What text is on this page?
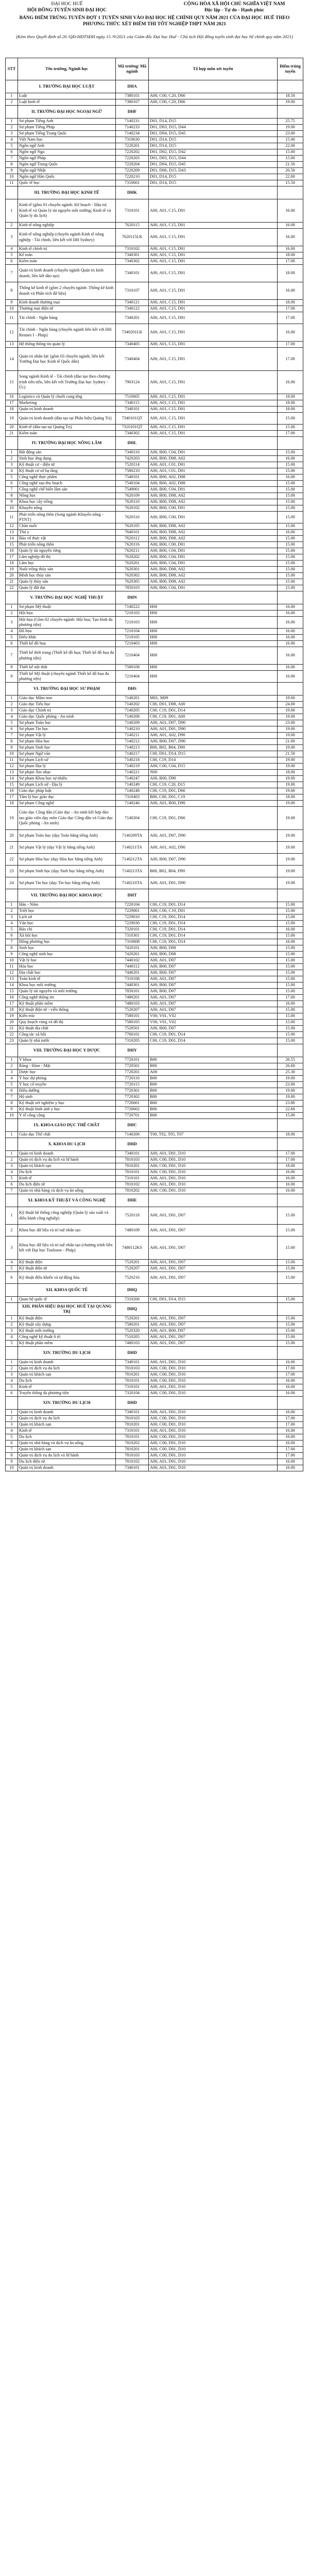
ĐẠI HỌC HUẾ
HỘI ĐỒNG TUYỂN SINH ĐẠI HỌC
CỘNG HÒA XÃ HỘI CHỦ NGHĨA VIỆT NAM
Độc lập - Tự do - Hạnh phúc
BẢNG ĐIỂM TRÚNG TUYỂN ĐỢT 1 TUYỂN SINH VÀO ĐẠI HỌC HỆ CHÍNH QUY NĂM 2021 CỦA ĐẠI HỌC HUẾ THEO PHƯƠNG THỨC XÉT ĐIỂM THI TỐT NGHIỆP THPT NĂM 2021
(Kèm theo Quyết định số 26 /QĐ-HĐTSĐH ngày 15 /9/2021 của Giám đốc Đại học Huế - Chủ tịch Hội đồng tuyển sinh đại học hệ chính quy năm 2021)
STT	Tên trường, Ngành học	Mã trường/ Mã ngành	Tổ hợp môn xét tuyển	Điểm trúng tuyển
	I. TRƯỜNG ĐẠI HỌC LUẬT	DHA		
1	Luật	7380101	A00, C00, C20, D66	18.50
2	Luật kinh tế	7380107	A00, C00, C20, D66	19.00
	II. TRƯỜNG ĐẠI HỌC NGOẠI NGỮ	DHF		
1	Sư phạm Tiếng Anh	7140231	D01, D14, D15	25.75
2	Sư phạm Tiếng Pháp	7140233	D01, D03, D15, D44	19.00
3	Sư phạm Tiếng Trung Quốc	7140234	D01, D04, D15, D45	23.00
4	Việt Nam học	7310630	D01, D14, D15	15.00
5	Ngôn ngữ Anh	7220201	D01, D14, D15	22.00
6	Ngôn ngữ Nga	7220202	D01, D02, D15, D42	15.00
7	Ngôn ngữ Pháp	7220203	D01, D03, D15, D44	15.00
8	Ngôn ngữ Trung Quốc	7220204	D01, D04, D15, D45	21.50
9	Ngôn ngữ Nhật	7220209	D01, D06, D15, D43	20.50
10	Ngôn ngữ Hàn Quốc	7220210	D01, D14, D15	22.00
11	Quốc tế học	7310601	D01, D14, D15	15.50
	III. TRƯỜNG ĐẠI HỌC KINH TẾ	DHK		
1	Kinh tế (gồm 03 chuyên ngành: Kế hoạch - Đầu tư; Kinh tế và Quản lý tài nguyên môi trường; Kinh tế và Quản lý du lịch)	7310101	A00, A01, C15, D01	16.00
2	Kinh tế nông nghiệp	7620115	A00, A01, C15, D01	16.00
3	Kinh tế nông nghiệp (chuyên ngành Kinh tế nông nghiệp - Tài chính, liên kết với ĐH Sydney)	7620115LK	A00, A01, C15, D01	16.00
4	Kinh tế chính trị	7310102	A00, A01, C15, D01	16.00
5	Kế toán	7340301	A00, A01, C15, D01	18.00
6	Kiểm toán	7340302	A00, A01, C15, D01	17.00
7	Quản trị kinh doanh (chuyên ngành Quản trị kinh doanh, liên kết đào tạo)	7340101	A00, A01, C15, D01	18.00
8	Thống kê kinh tế (gồm 2 chuyên ngành: Thống kê kinh doanh và Phân tích dữ liệu)	7310107	A00, A01, C15, D01	16.00
9	Kinh doanh thương mại	7340121	A00, A01, C15, D01	18.00
10	Thương mại điện tử	7340122	A00, A01, C15, D01	17.00
11	Tài chính - Ngân hàng	7340201	A00, A01, C15, D01	17.00
12	Tài chính - Ngân hàng (chuyên ngành liên kết với ĐH Rennes I - Pháp)	7340201LK	A00, A01, C15, D01	16.00
13	Hệ thống thông tin quản lý	7340405	A00, A01, C15, D01	17.00
14	Quản trị nhân lực (gồm 03 chuyên ngành; liên kết Trường Đại học Kinh tế Quốc dân)	7340404	A00, A01, C15, D01	17.00
15	Song ngành Kinh tế - Tài chính (đào tạo theo chương trình tiên tiến, liên kết với Trường Đại học Sydney - Úc)	7903124	A00, A01, C15, D01	16.00
16	Logistics và Quản lý chuỗi cung ứng	7510605	A00, A01, C15, D01	18.00
17	Marketing	7340115	A00, A01, C15, D01	18.00
18	Quản trị kinh doanh	7340101	A00, A01, C15, D01	18.00
19	Quản trị kinh doanh (đào tạo tại Phân hiệu Quảng Trị)	7340101QT	A00, A01, C15, D01	15.00
20	Kinh tế (đào tạo tại Quảng Trị)	7310101QT	A00, A01, C15, D01	15.00
21	Kiểm toán	7340302	A00, A01, C15, D01	17.00
	IV. TRƯỜNG ĐẠI HỌC NÔNG LÂM	DHL		
1	Bất động sản	7340116	A00, B00, C04, D01	15.00
2	Sinh học ứng dụng	7420203	A00, B00, D08, A02	16.00
3	Kỹ thuật cơ - điện tử	7520114	A00, A01, C01, D01	15.00
4	Kỹ thuật cơ sở hạ tầng	7580210	A00, A01, C01, D01	15.00
5	Công nghệ thực phẩm	7540101	A00, B00, A02, D08	16.00
6	Công nghệ sau thu hoạch	7540104	A00, B00, A02, D08	15.00
7	Công nghệ chế biến lâm sản	7549001	A00, B00, C04, D01	15.00
8	Nông học	7620109	A00, B00, D08, A02	15.00
9	Khoa học cây trồng	7620110	A00, B00, D08, A02	15.00
10	Khuyến nông	7620102	A00, B00, C00, D01	15.00
11	Phát triển nông thôn (Song ngành Khuyến nông - PTNT)	7620116	A00, B00, C00, D01	15.00
12	Chăn nuôi	7620105	A00, B00, D08, A02	15.00
13	Thú y	7640101	A00, B00, D08, A02	16.00
14	Bảo vệ thực vật	7620112	A00, B00, D08, A02	15.00
15	Phát triển nông thôn	7620116	A00, B00, C00, D01	15.00
16	Quản lý tài nguyên rừng	7620211	A00, B00, C04, D01	15.00
17	Lâm nghiệp đô thị	7620202	A00, B00, C04, D01	15.00
18	Lâm học	7620201	A00, B00, C04, D01	15.00
19	Nuôi trồng thủy sản	7620301	A00, B00, D08, A02	15.00
20	Bệnh học thủy sản	7620302	A00, B00, D08, A02	15.00
21	Quản lý thủy sản	7620305	A00, B00, D08, A02	15.00
22	Quản lý đất đai	7850103	A00, B00, C04, D01	15.00
	V. TRƯỜNG ĐẠI HỌC NGHỆ THUẬT	DHN		
1	Sư phạm Mỹ thuật	7140222	H00	16.00
2	Hội họa	7210103	H00	16.00
3	Hội họa (Gồm 02 chuyên ngành: Hội họa; Tạo hình đa phương tiện)	7210103	H00	16.00
4	Đồ họa	7210104	H00	16.00
5	Điêu khắc	7210105	H00	16.00
6	Thiết kế đồ họa	7210403	H00	16.00
7	Thiết kế thời trang (Thiết kế đồ họa; Thiết kế đồ họa đa phương tiện)	7210404	H00	16.00
8	Thiết kế nội thất	7580108	H00	16.00
9	Thiết kế Mỹ thuật (chuyên ngành Thiết kế đồ họa đa phương tiện)	7210404	H00	16.00
	VI. TRƯỜNG ĐẠI HỌC SƯ PHẠM	DHS		
1	Giáo dục Mầm non	7140201	M01, M09	19.00
2	Giáo dục Tiểu học	7140202	C00, D01, D08, A00	24.00
3	Giáo dục Chính trị	7140205	C00, C19, D01, D14	19.00
4	Giáo dục Quốc phòng - An ninh	7140208	C00, C19, D01, A00	19.00
5	Sư phạm Toán học	7140209	A00, A01, D07, D90	23.00
6	Sư phạm Tin học	7140210	A00, A01, D01, D90	19.00
7	Sư phạm Vật lý	7140211	A00, A01, A02, D90	19.00
8	Sư phạm Hóa học	7140212	A00, B00, D07, D90	21.00
9	Sư phạm Sinh học	7140213	B00, B02, B04, D90	19.00
10	Sư phạm Ngữ văn	7140217	C00, D01, D14, D15	21.50
11	Sư phạm Lịch sử	7140218	C00, C19, D14	19.00
12	Sư phạm Địa lý	7140219	A00, C00, C04, D15	19.00
13	Sư phạm Âm nhạc	7140221	N00	18.00
14	Sư phạm Khoa học tự nhiên	7140247	A00, B00, D90	19.00
15	Sư phạm Lịch sử - Địa lý	7140249	C00, C19, C20, D15	19.00
16	Giáo dục pháp luật	7140248	C00, C19, D01, D66	19.00
17	Tâm lý học giáo dục	7310403	B00, C00, D01, C19	18.00
18	Sư phạm Công nghệ	7140246	A00, A01, B00, D90	19.00
19	Giáo dục Công dân (Giáo dục - An ninh kết hợp đào tạo giáo viên dạy môn Giáo dục Công dân và Giáo dục Quốc phòng - An ninh)	7140204	C00, C19, D01, D66	19.00
20	Sư phạm Toán học (dạy Toán bằng tiếng Anh)	7140209TA	A00, A01, D07, D90	19.00
21	Sư phạm Vật lý (dạy Vật lý bằng tiếng Anh)	7140211TA	A00, A01, A02, D90	19.00
22	Sư phạm Hóa học (dạy Hóa học bằng tiếng Anh)	7140212TA	A00, B00, D07, D90	19.00
23	Sư phạm Sinh học (dạy Sinh học bằng tiếng Anh)	7140213TA	B00, B02, B04, D90	19.00
24	Sư phạm Tin học (dạy Tin học bằng tiếng Anh)	7140210TA	A00, A01, D01, D90	19.00
	VII. TRƯỜNG ĐẠI HỌC KHOA HỌC	DHT		
1	Hán - Nôm	7220104	C00, C19, D01, D14	15.00
2	Triết học	7229001	A00, C00, C19, D01	15.00
3	Lịch sử	7229010	C00, C19, D01, D14	15.00
4	Văn học	7229030	C00, C19, D01, D14	15.00
5	Báo chí	7320101	C00, C19, D01, D14	16.00
6	Xã hội học	7310301	C00, C19, D01, D14	15.00
7	Đông phương học	7310608	C00, C19, D01, D14	16.00
8	Sinh học	7420101	A00, B00, D08	15.00
9	Công nghệ sinh học	7420201	A00, B00, D08	15.00
10	Vật lý học	7440102	A00, A01, D07	15.00
11	Hóa học	7440112	A00, B00, D07	15.00
12	Địa chất học	7440201	A00, B00, D07	15.00
13	Toán kinh tế	7310108	A00, A01, D07	15.00
14	Khoa học môi trường	7440301	A00, B00, D07	15.00
15	Quản lý tài nguyên và môi trường	7850101	A00, B00, D07	15.00
16	Công nghệ thông tin	7480201	A00, A01, D07	17.00
17	Kỹ thuật phần mềm	7480103	A00, A01, D07	16.00
18	Kỹ thuật điện tử - viễn thông	7520207	A00, A01, D07	15.00
19	Kiến trúc	7580101	V00, V01, V02	15.00
20	Quy hoạch vùng và đô thị	7580105	V00, V01, V02	15.00
21	Kỹ thuật địa chất	7520501	A00, B00, D07	15.00
22	Công tác xã hội	7760101	C00, C19, D01, D14	15.00
23	Quản lý nhà nước	7310205	C00, C19, D01, D14	15.00
	VIII. TRƯỜNG ĐẠI HỌC Y DƯỢC	DHY		
1	Y khoa	7720101	B00	26.55
2	Răng - Hàm - Mặt	7720501	B00	26.60
3	Dược học	7720201	A00	25.30
4	Y học dự phòng	7720110	B00	19.00
5	Y học cổ truyền	7720115	B00	23.00
6	Điều dưỡng	7720301	B00	19.00
7	Hộ sinh	7720302	B00	19.00
8	Kỹ thuật xét nghiệm y học	7720601	B00	23.80
9	Kỹ thuật hình ảnh y học	7720602	B00	22.60
10	Y tế công cộng	7720701	B00	15.00
	IX. KHOA GIÁO DỤC THỂ CHẤT	DHC		
1	Giáo dục Thể chất	7140206	T00, T02, T05, T07	18.00
	X. KHOA DU LỊCH	DHD		
1	Quản trị kinh doanh	7340101	A00, A01, D01, D10	17.00
2	Quản trị dịch vụ du lịch và lữ hành	7810103	A00, C00, D01, D10	17.00
3	Quản trị khách sạn	7810201	A00, C00, D01, D10	18.00
4	Du lịch	7810101	A00, C00, D01, D10	16.00
5	Kinh tế	7310101	A00, A01, D01, D10	16.00
6	Du lịch điện tử	7810102	A00, A01, D01, D10	16.00
7	Quản trị nhà hàng và dịch vụ ăn uống	7810202	A00, C00, D01, D10	16.00
	XI. KHOA KỸ THUẬT VÀ CÔNG NGHỆ	DHE		
1	Kỹ thuật hệ thống công nghiệp (Quản lý sản xuất và điều hành công nghiệp)	7520118	A00, A01, D01, D07	15.00
2	Khoa học dữ liệu và trí tuệ nhân tạo	7480109	A00, A01, D01, D07	15.00
3	Khoa học dữ liệu và trí tuệ nhân tạo (chương trình liên kết với Đại học Toulouse - Pháp)	7480112KS	A00, A01, D01, D07	15.00
4	Kỹ thuật điện	7520201	A00, A01, D01, D07	15.00
5	Kỹ thuật điện tử	7520207	A00, A01, D01, D07	15.00
6	Kỹ thuật điều khiển và tự động hóa	7520216	A00, A01, D01, D07	15.00
	XII. KHOA QUỐC TẾ	DHQ		
1	Quan hệ quốc tế	7310206	C00, D01, D14, D15	15.00
	XIII. PHÂN HIỆU ĐẠI HỌC HUẾ TẠI QUẢNG TRỊ	DHQ		
1	Kỹ thuật điện	7520201	A00, A01, D01, D07	15.00
2	Kỹ thuật xây dựng	7580201	A00, A01, D01, D07	15.00
3	Kỹ thuật môi trường	7520320	A00, A01, B00, D07	15.00
4	Công nghệ kỹ thuật ô tô	7510205	A00, A01, D01, D07	15.00
5	Kỹ thuật phần mềm	7480103	A00, A01, D01, D07	15.00
	XIV. TRƯỜNG DU LỊCH	DHD		
1	Quản trị kinh doanh	7340101	A00, A01, D01, D10	16.00
2	Quản trị dịch vụ du lịch	7810103	A00, C00, D01, D10	17.00
3	Quản trị khách sạn	7810201	A00, C00, D01, D10	17.00
4	Du lịch	7810101	A00, C00, D01, D10	16.00
5	Kinh tế	7310101	A00, A01, D01, D10	16.00
6	Truyền thông đa phương tiện	7320104	A00, C00, D01, D10	16.00
	XIV. TRƯỜNG DU LỊCH	DHD		
1	Quản trị kinh doanh	7340101	A00, A01, D01, D10	16.00
2	Quản trị dịch vụ du lịch	7810103	A00, C00, D01, D10	17.00
3	Quản trị khách sạn	7810201	A00, C00, D01, D10	17.00
4	Kinh tế	7310101	A00, A01, D01, D10	16.00
5	Du lịch	7810101	A00, C00, D01, D10	16.00
6	Quản trị nhà hàng và dịch vụ ăn uống	7810202	A00, C00, D01, D10	16.00
7	Quản trị khách sạn	7810201	A00, C00, D01, D10	17.00
8	Quản trị dịch vụ du lịch và lữ hành	7810103	A00, C00, D01, D10	17.00
9	Du lịch điện tử	7810102	A00, A01, D01, D10	16.00
10	Quản trị kinh doanh	7340101	A00, A01, D01, D10	16.00
